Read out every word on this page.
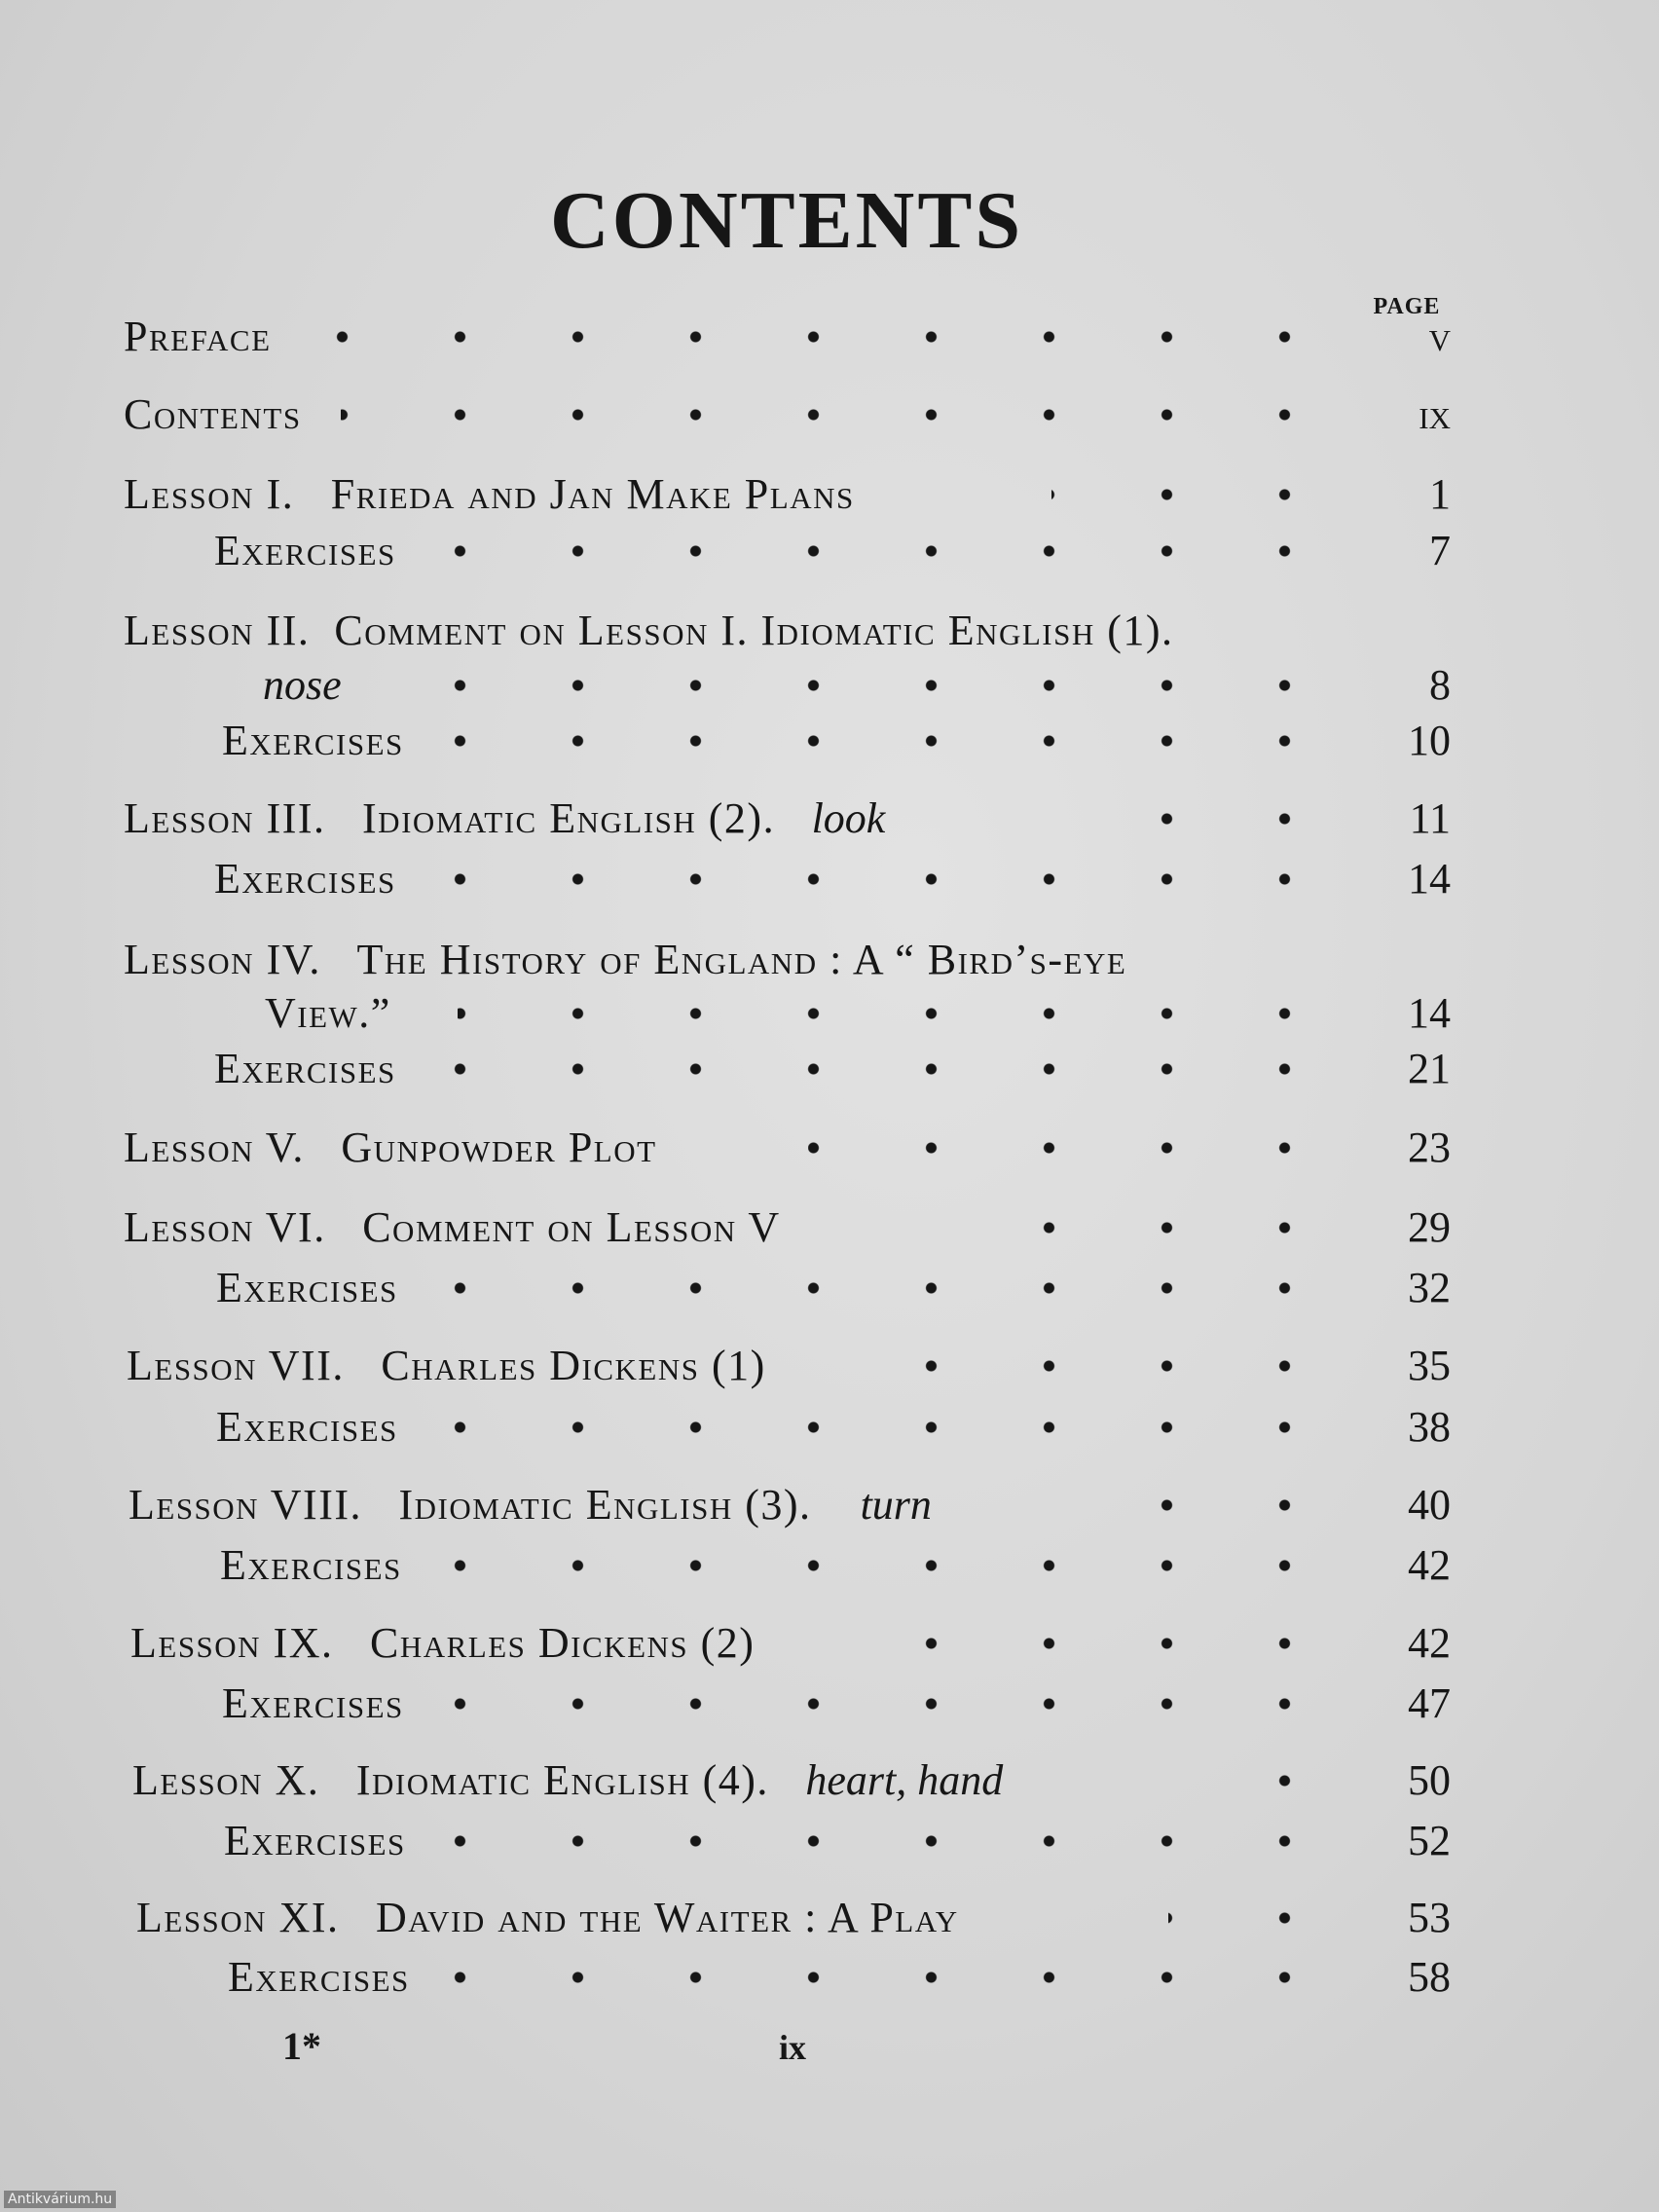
CONTENTS
PAGE
Preface	v
Contents	ix
Lesson I. Frieda and Jan Make Plans	1
Exercises	7
Lesson II. Comment on Lesson I. Idiomatic English (1).
nose	8
Exercises	10
Lesson III. Idiomatic English (2). look	11
Exercises	14
Lesson IV. The History of England : A “ Bird’s-eye
View.”	14
Exercises	21
Lesson V. Gunpowder Plot	23
Lesson VI. Comment on Lesson V	29
Exercises	32
Lesson VII. Charles Dickens (1)	35
Exercises	38
Lesson VIII. Idiomatic English (3). turn	40
Exercises	42
Lesson IX. Charles Dickens (2)	42
Exercises	47
Lesson X. Idiomatic English (4). heart, hand	50
Exercises	52
Lesson XI. David and the Waiter : A Play	53
Exercises	58
1*	ix
Antikvárium.hu
